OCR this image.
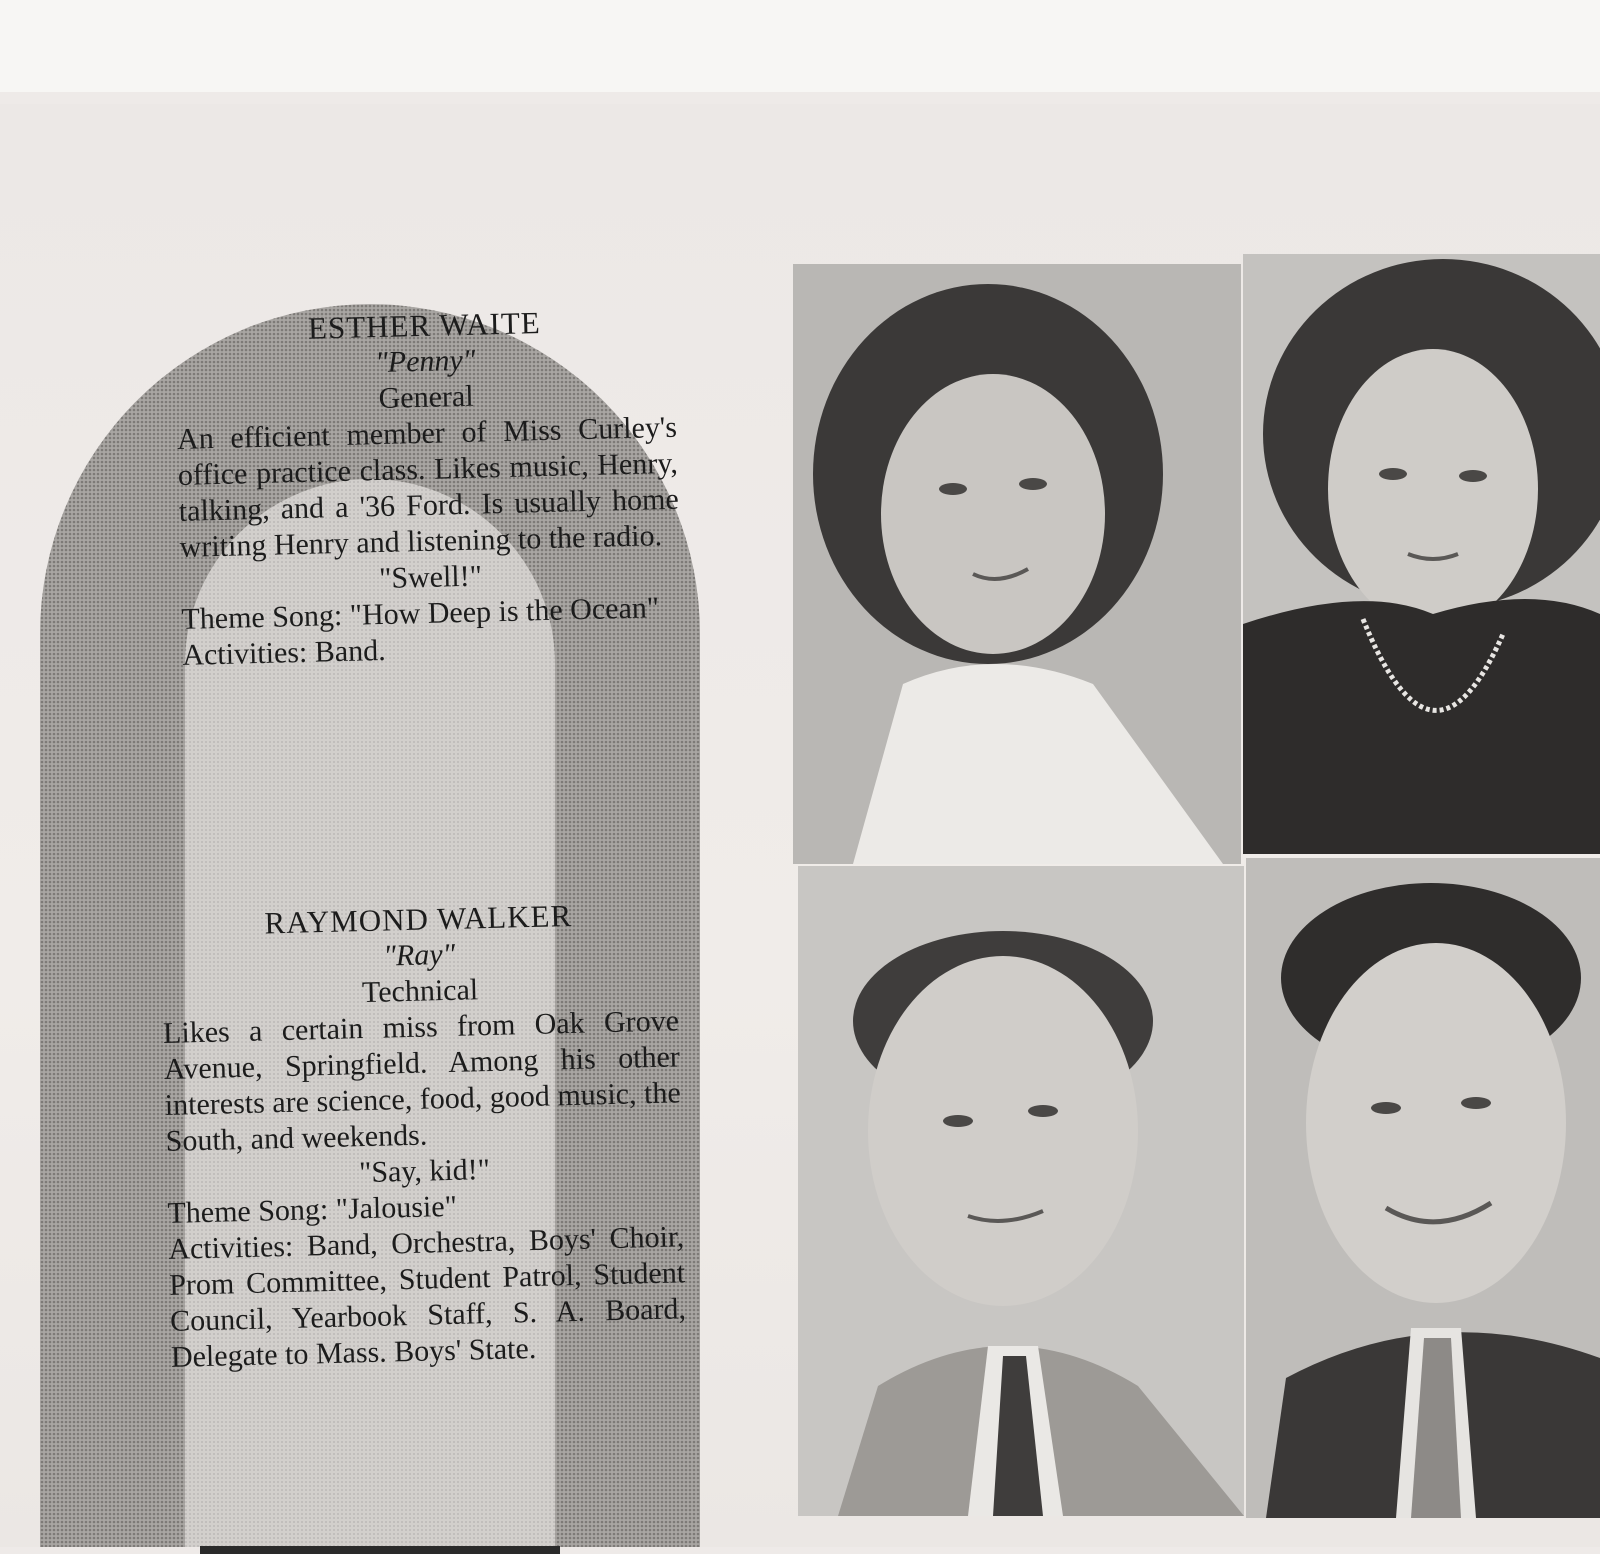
ESTHER WAITE

"Penny"

General

An efficient member of Miss Curley's office practice class. Likes music, Henry, talking, and a '36 Ford. Is usually home writing Henry and listening to the radio.

"Swell!"

Theme Song: "How Deep is the Ocean"

Activities: Band.

RAYMOND WALKER

"Ray"

Technical

Likes a certain miss from Oak Grove Avenue, Springfield. Among his other interests are science, food, good music, the South, and weekends.

"Say, kid!"

Theme Song: "Jalousie"

Activities: Band, Orchestra, Boys' Choir, Prom Committee, Student Patrol, Student Council, Yearbook Staff, S. A. Board, Delegate to Mass. Boys' State.
